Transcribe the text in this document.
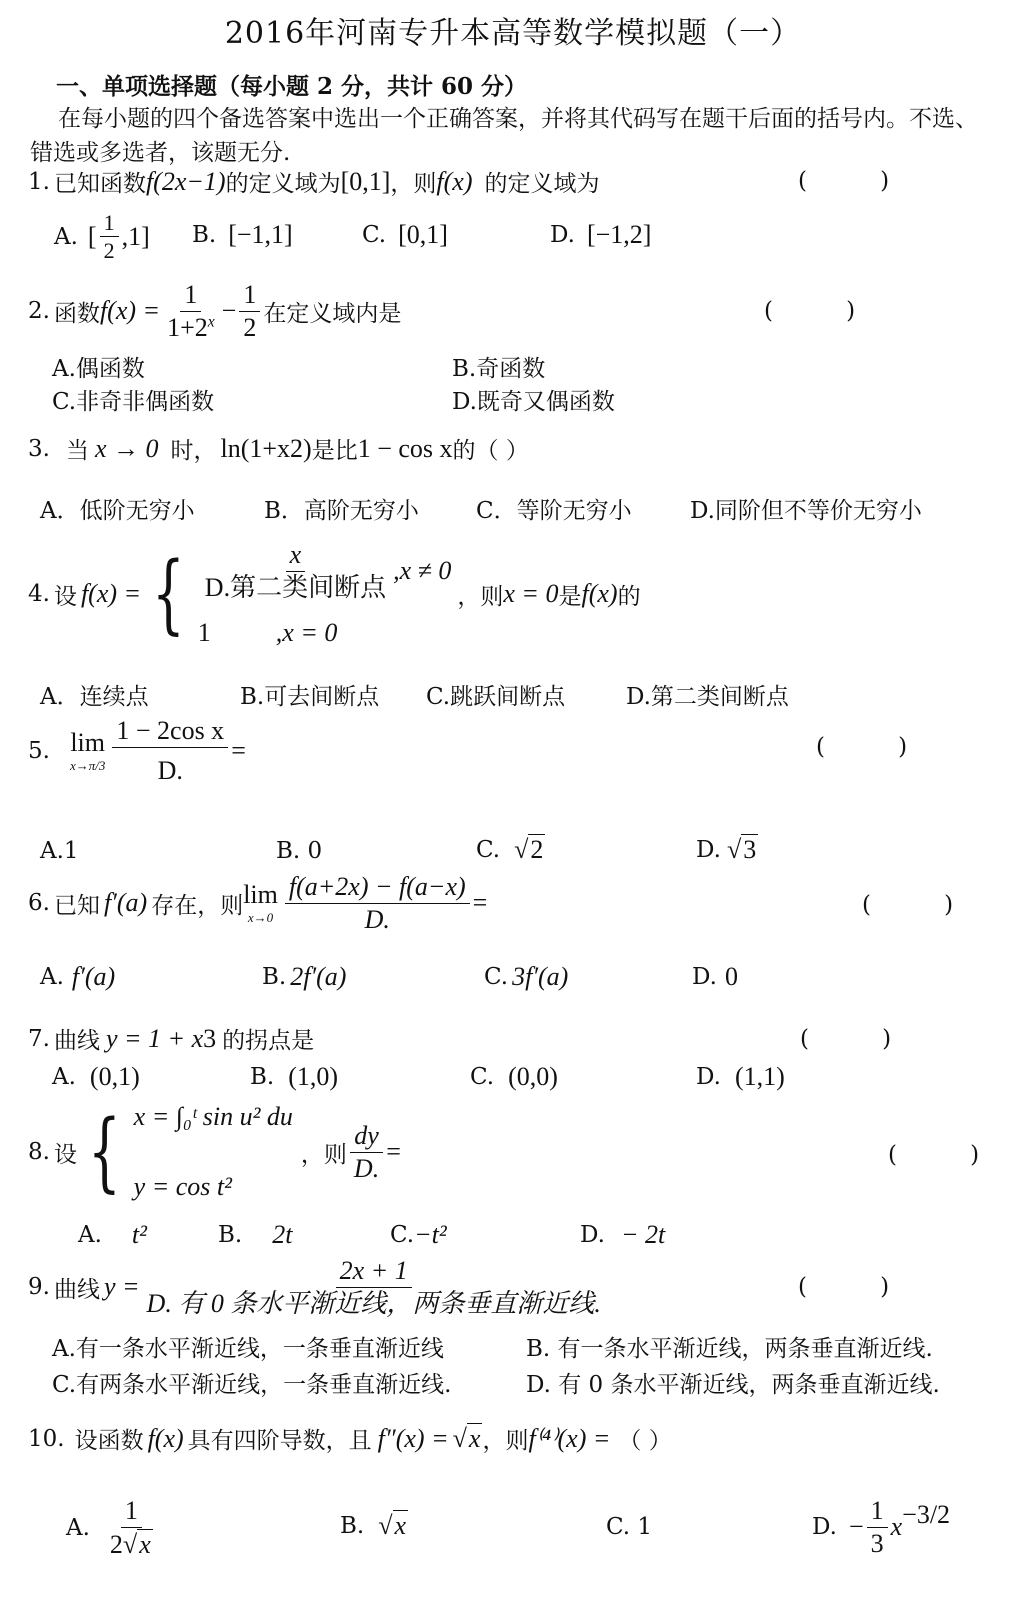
2016年河南专升本高等数学模拟题（一）
一、单项选择题（每小题 2 分，共计 60 分）
在每小题的四个备选答案中选出一个正确答案，并将其代码写在题干后面的括号内。不选、错选或多选者，该题无分.
1. 已知函数 f(2x−1) 的定义域为 [0,1] ，则 f(x) 的定义域为	(          )
A. [ $\frac{1}{2} ,1$] B. [−1,1]	C. [0,1]	D. [−1,2]
2. 函数 $f(x) = \frac{1}{1+2^x} - \frac{1}{2}$ 在定义域内是	(          )
A.偶函数	B.奇函数
C.非奇非偶函数	D.既奇又偶函数
3. 当 x → 0 时， ln(1+x 2 ) 是比 1 − cos x 的（ ）
A．低阶无穷小	B．高阶无穷小 C．等阶无穷小	D.同阶但不等价无穷小
4. 设 f(x) = { $\frac{x}{\text{D.第二类间断点}} ,x \ne 0$
1	,x = 0
，则 x = 0 是 f(x) 的
A．连续点	B.可去间断点 C.跳跃间断点	D.第二类间断点
5. lim
$x\to\pi/3 \frac{\text{1 − 2cos x}}{D.}$ =	(          )
A.1	B. 0	C. √ 2	D. √ 3
6. 已知 f′(a) 存在，则 lim
$x\to 0 \frac{f(a+2x) - f(a-x)}{D.}$ =	(          )
A. f′(a)	B. 2f′(a)	C. 3f′(a)	D. 0
7. 曲线 y = 1 + x 3 的拐点是	(          )
A. (0,1)	B. (1,0)	C. (0,0)	D. (1,1)
8. 设 { x = ∫₀ᵗ sin u² du
y = cos t²
，则 $\frac{dy}{D.}$ =	(          )
A. t²	B. 2t	C. −t²	D. − 2t
9. 曲线 $y = \frac{2x + 1}{\text{D. 有 0 条水平渐近线，两条垂直渐近线.}}$	(          )
A.有一条水平渐近线，一条垂直渐近线	B. 有一条水平渐近线，两条垂直渐近线.
C.有两条水平渐近线，一条垂直渐近线.	D. 有 0 条水平渐近线，两条垂直渐近线.
10. 设函数 f(x) 具有四阶导数，且 f″(x) = √ x ，则 f⁽⁴⁾(x) = （ ）
A. $\frac{1}{2√ x}$	B. √ x	C. 1	D. − $\frac{1}{3} x^{-3/2}$
